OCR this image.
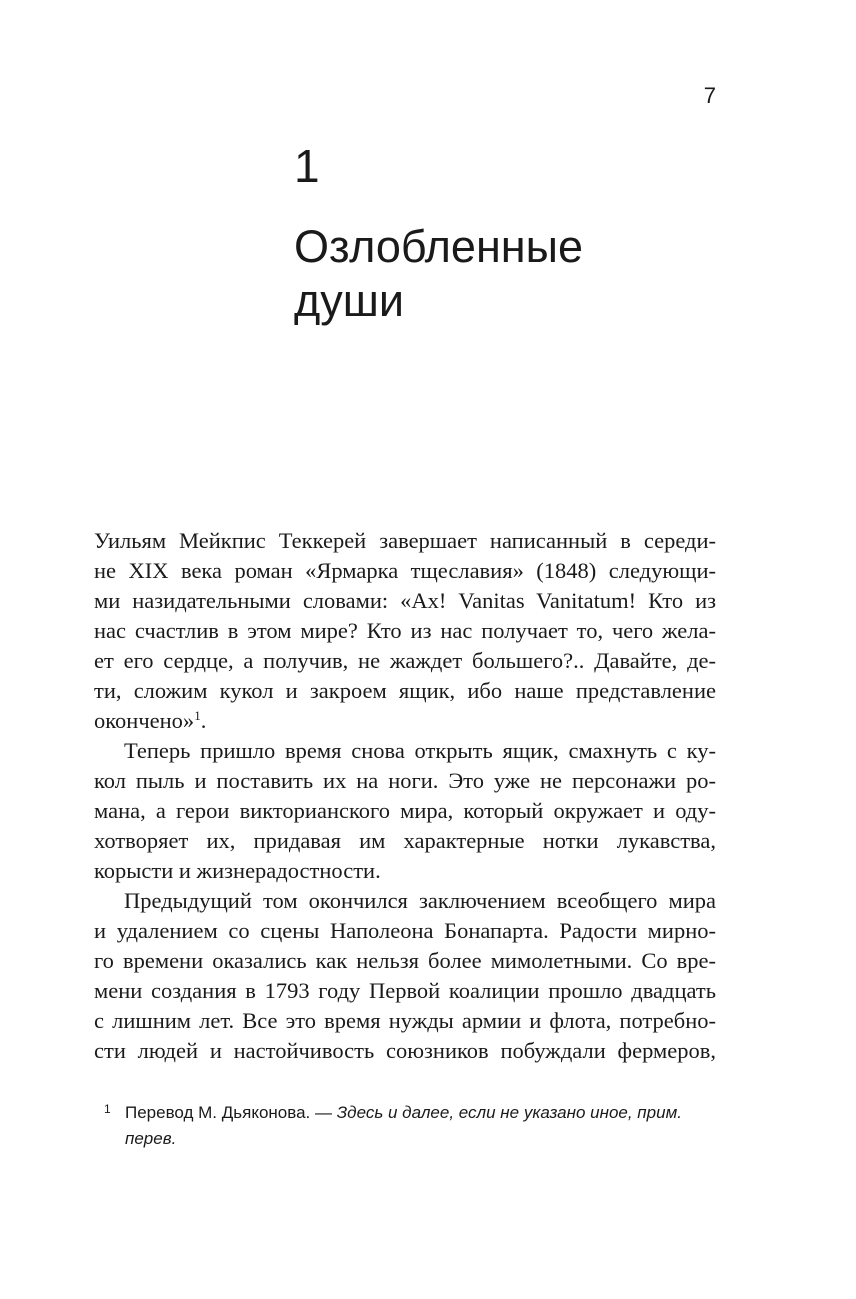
7
1
Озлобленные
души
Уильям Мейкпис Теккерей завершает написанный в середи-
не XIX века роман «Ярмарка тщеславия» (1848) следующи-
ми назидательными словами: «Ах! Vanitas Vanitatum! Кто из
нас счастлив в этом мире? Кто из нас получает то, чего жела-
ет его сердце, а получив, не жаждет большего?.. Давайте, де-
ти, сложим кукол и закроем ящик, ибо наше представление
окончено»$^1$.
Теперь пришло время снова открыть ящик, смахнуть с ку-
кол пыль и поставить их на ноги. Это уже не персонажи ро-
мана, а герои викторианского мира, который окружает и оду-
хотворяет их, придавая им характерные нотки лукавства,
корысти и жизнерадостности.
Предыдущий том окончился заключением всеобщего мира
и удалением со сцены Наполеона Бонапарта. Радости мирно-
го времени оказались как нельзя более мимолетными. Со вре-
мени создания в 1793 году Первой коалиции прошло двадцать
с лишним лет. Все это время нужды армии и флота, потребно-
сти людей и настойчивость союзников побуждали фермеров,
1 Перевод М. Дьяконова. — Здесь и далее, если не указано иное, прим.
перев.
